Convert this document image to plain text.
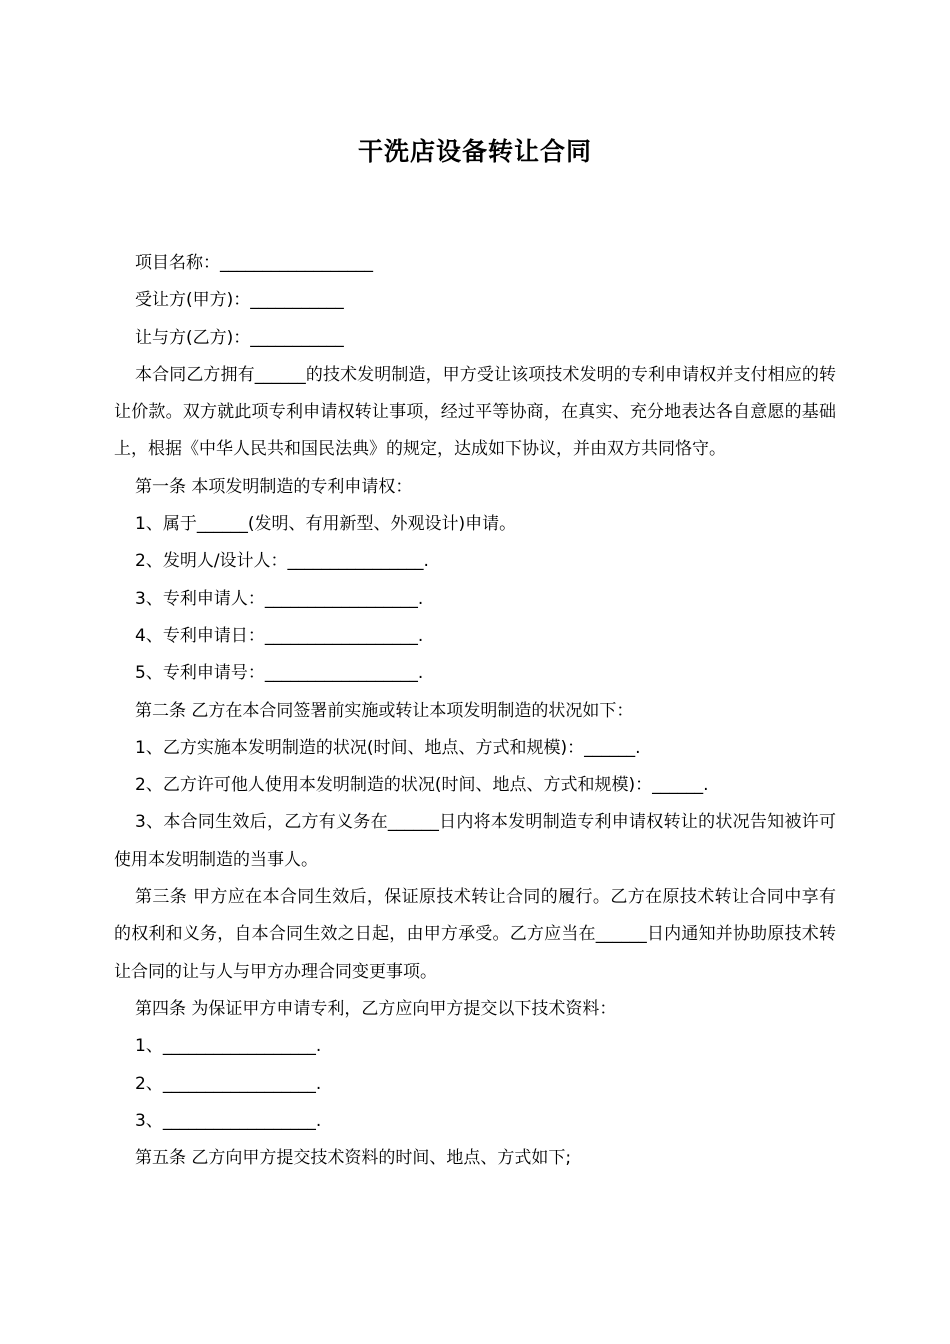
干洗店设备转让合同

项目名称：__________________

受让方(甲方)：___________

让与方(乙方)：___________

本合同乙方拥有______的技术发明制造，甲方受让该项技术发明的专利申请权并支付相应的转让价款。双方就此项专利申请权转让事项，经过平等协商，在真实、充分地表达各自意愿的基础上，根据《中华人民共和国民法典》的规定，达成如下协议，并由双方共同恪守。

第一条 本项发明制造的专利申请权：

1、属于______(发明、有用新型、外观设计)申请。

2、发明人/设计人：________________.

3、专利申请人：__________________.

4、专利申请日：__________________.

5、专利申请号：__________________.

第二条 乙方在本合同签署前实施或转让本项发明制造的状况如下：

1、乙方实施本发明制造的状况(时间、地点、方式和规模)：______.

2、乙方许可他人使用本发明制造的状况(时间、地点、方式和规模)：______.

3、本合同生效后，乙方有义务在______日内将本发明制造专利申请权转让的状况告知被许可使用本发明制造的当事人。

第三条 甲方应在本合同生效后，保证原技术转让合同的履行。乙方在原技术转让合同中享有的权利和义务，自本合同生效之日起，由甲方承受。乙方应当在______日内通知并协助原技术转让合同的让与人与甲方办理合同变更事项。

第四条 为保证甲方申请专利，乙方应向甲方提交以下技术资料：

1、__________________.

2、__________________.

3、__________________.

第五条 乙方向甲方提交技术资料的时间、地点、方式如下;
